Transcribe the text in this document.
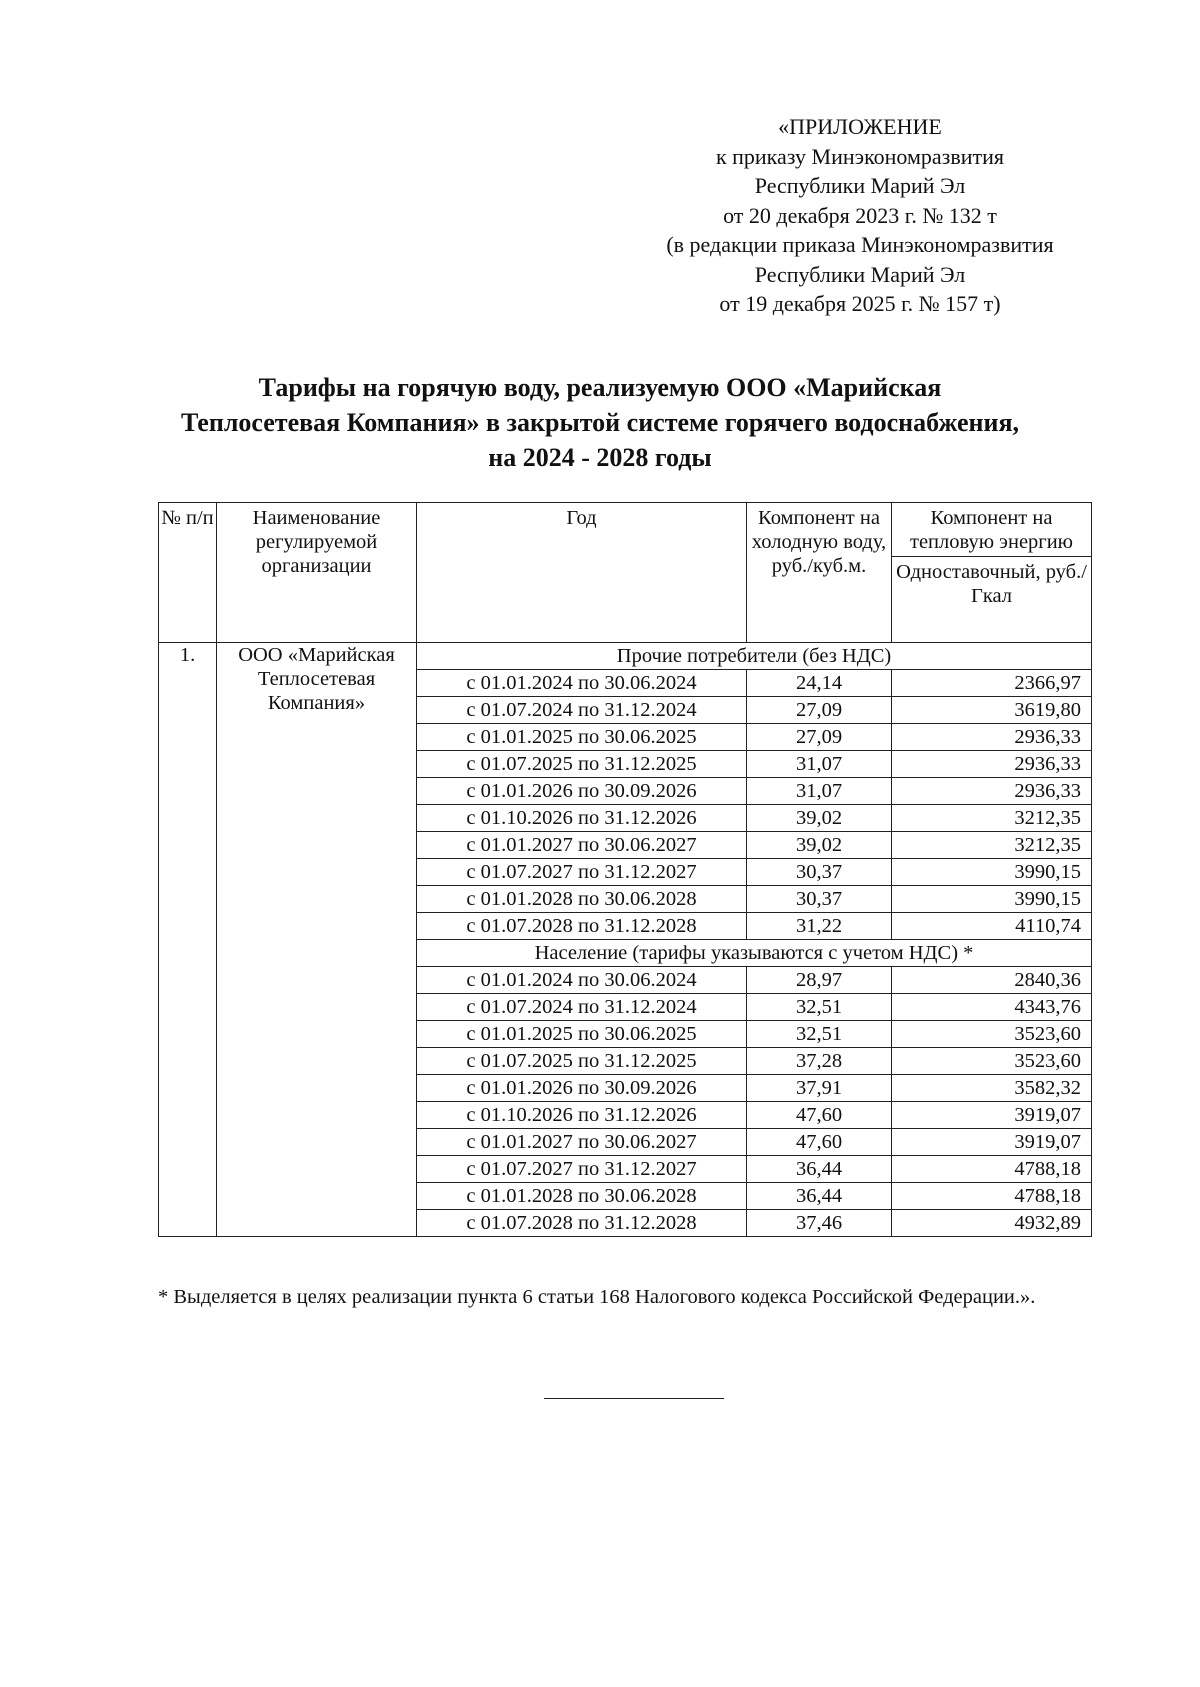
«ПРИЛОЖЕНИЕ
к приказу Минэкономразвития
Республики Марий Эл
от 20 декабря 2023 г. № 132 т
(в редакции приказа Минэкономразвития
Республики Марий Эл
от 19 декабря 2025 г. № 157 т)
Тарифы на горячую воду, реализуемую ООО «Марийская
Теплосетевая Компания» в закрытой системе горячего водоснабжения,
на 2024 - 2028 годы
№ п/п	Наименование регулируемой организации	Год	Компонент на холодную воду, руб./куб.м.	Компонент на тепловую энергию
				Одноставочный, руб./Гкал
1.	ООО «Марийская Теплосетевая Компания»	Прочие потребители (без НДС)		
		с 01.01.2024 по 30.06.2024	24,14	2366,97
		с 01.07.2024 по 31.12.2024	27,09	3619,80
		с 01.01.2025 по 30.06.2025	27,09	2936,33
		с 01.07.2025 по 31.12.2025	31,07	2936,33
		с 01.01.2026 по 30.09.2026	31,07	2936,33
		с 01.10.2026 по 31.12.2026	39,02	3212,35
		с 01.01.2027 по 30.06.2027	39,02	3212,35
		с 01.07.2027 по 31.12.2027	30,37	3990,15
		с 01.01.2028 по 30.06.2028	30,37	3990,15
		с 01.07.2028 по 31.12.2028	31,22	4110,74
		Население (тарифы указываются с учетом НДС) *		
		с 01.01.2024 по 30.06.2024	28,97	2840,36
		с 01.07.2024 по 31.12.2024	32,51	4343,76
		с 01.01.2025 по 30.06.2025	32,51	3523,60
		с 01.07.2025 по 31.12.2025	37,28	3523,60
		с 01.01.2026 по 30.09.2026	37,91	3582,32
		с 01.10.2026 по 31.12.2026	47,60	3919,07
		с 01.01.2027 по 30.06.2027	47,60	3919,07
		с 01.07.2027 по 31.12.2027	36,44	4788,18
		с 01.01.2028 по 30.06.2028	36,44	4788,18
		с 01.07.2028 по 31.12.2028	37,46	4932,89
* Выделяется в целях реализации пункта 6 статьи 168 Налогового кодекса Российской Федерации.».
